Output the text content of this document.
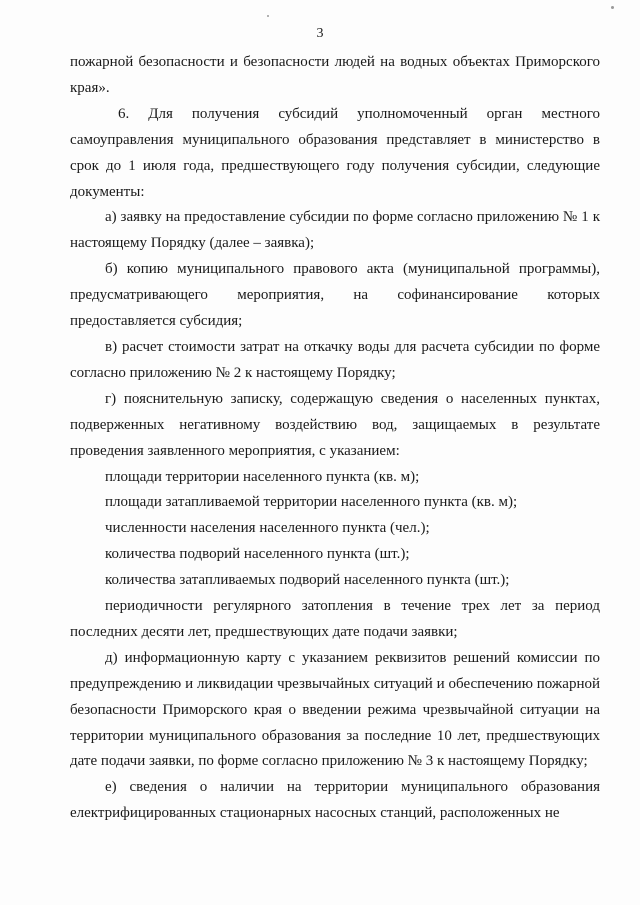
3

пожарной безопасности и безопасности людей на водных объектах Приморского края».

6. Для получения субсидий уполномоченный орган местного самоуправления муниципального образования представляет в министерство в срок до 1 июля года, предшествующего году получения субсидии, следующие документы:

а) заявку на предоставление субсидии по форме согласно приложению № 1 к настоящему Порядку (далее – заявка);

б) копию муниципального правового акта (муниципальной программы), предусматривающего мероприятия, на софинансирование которых предоставляется субсидия;

в) расчет стоимости затрат на откачку воды для расчета субсидии по форме согласно приложению № 2 к настоящему Порядку;

г) пояснительную записку, содержащую сведения о населенных пунктах, подверженных негативному воздействию вод, защищаемых в результате проведения заявленного мероприятия, с указанием:

площади территории населенного пункта (кв. м);

площади затапливаемой территории населенного пункта (кв. м);

численности населения населенного пункта (чел.);

количества подворий населенного пункта (шт.);

количества затапливаемых подворий населенного пункта (шт.);

периодичности регулярного затопления в течение трех лет за период последних десяти лет, предшествующих дате подачи заявки;

д) информационную карту с указанием реквизитов решений комиссии по предупреждению и ликвидации чрезвычайных ситуаций и обеспечению пожарной безопасности Приморского края о введении режима чрезвычайной ситуации на территории муниципального образования за последние 10 лет, предшествующих дате подачи заявки, по форме согласно приложению № 3 к настоящему Порядку;

е) сведения о наличии на территории муниципального образования електрифицированных стационарных насосных станций, расположенных не
